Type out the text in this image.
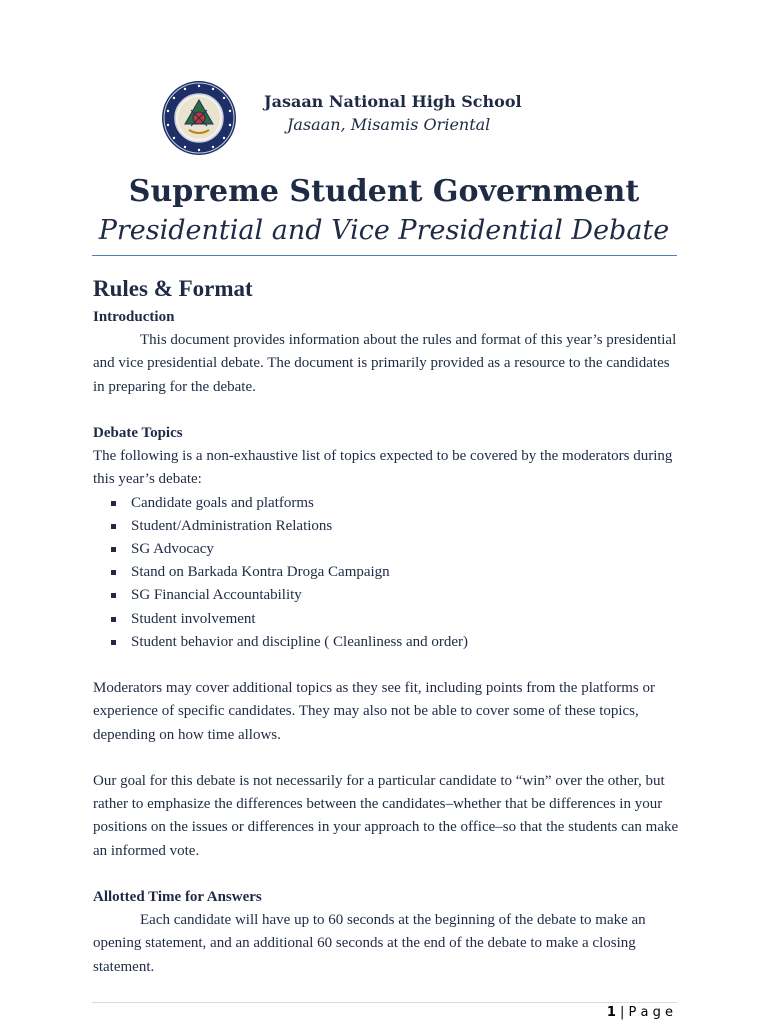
Jasaan National High School
Jasaan, Misamis Oriental
Supreme Student Government
Presidential and Vice Presidential Debate
Rules & Format

Introduction

This document provides information about the rules and format of this year’s presidential and vice presidential debate. The document is primarily provided as a resource to the candidates in preparing for the debate.

Debate Topics

The following is a non-exhaustive list of topics expected to be covered by the moderators during this year’s debate:

Candidate goals and platforms
Student/Administration Relations
SG Advocacy
Stand on Barkada Kontra Droga Campaign
SG Financial Accountability
Student involvement
Student behavior and discipline ( Cleanliness and order)

Moderators may cover additional topics as they see fit, including points from the platforms or experience of specific candidates. They may also not be able to cover some of these topics, depending on how time allows.

Our goal for this debate is not necessarily for a particular candidate to “win” over the other, but rather to emphasize the differences between the candidates–whether that be differences in your positions on the issues or differences in your approach to the office–so that the students can make an informed vote.

Allotted Time for Answers

Each candidate will have up to 60 seconds at the beginning of the debate to make an opening statement, and an additional 60 seconds at the end of the debate to make a closing statement.

1 | P a g e
